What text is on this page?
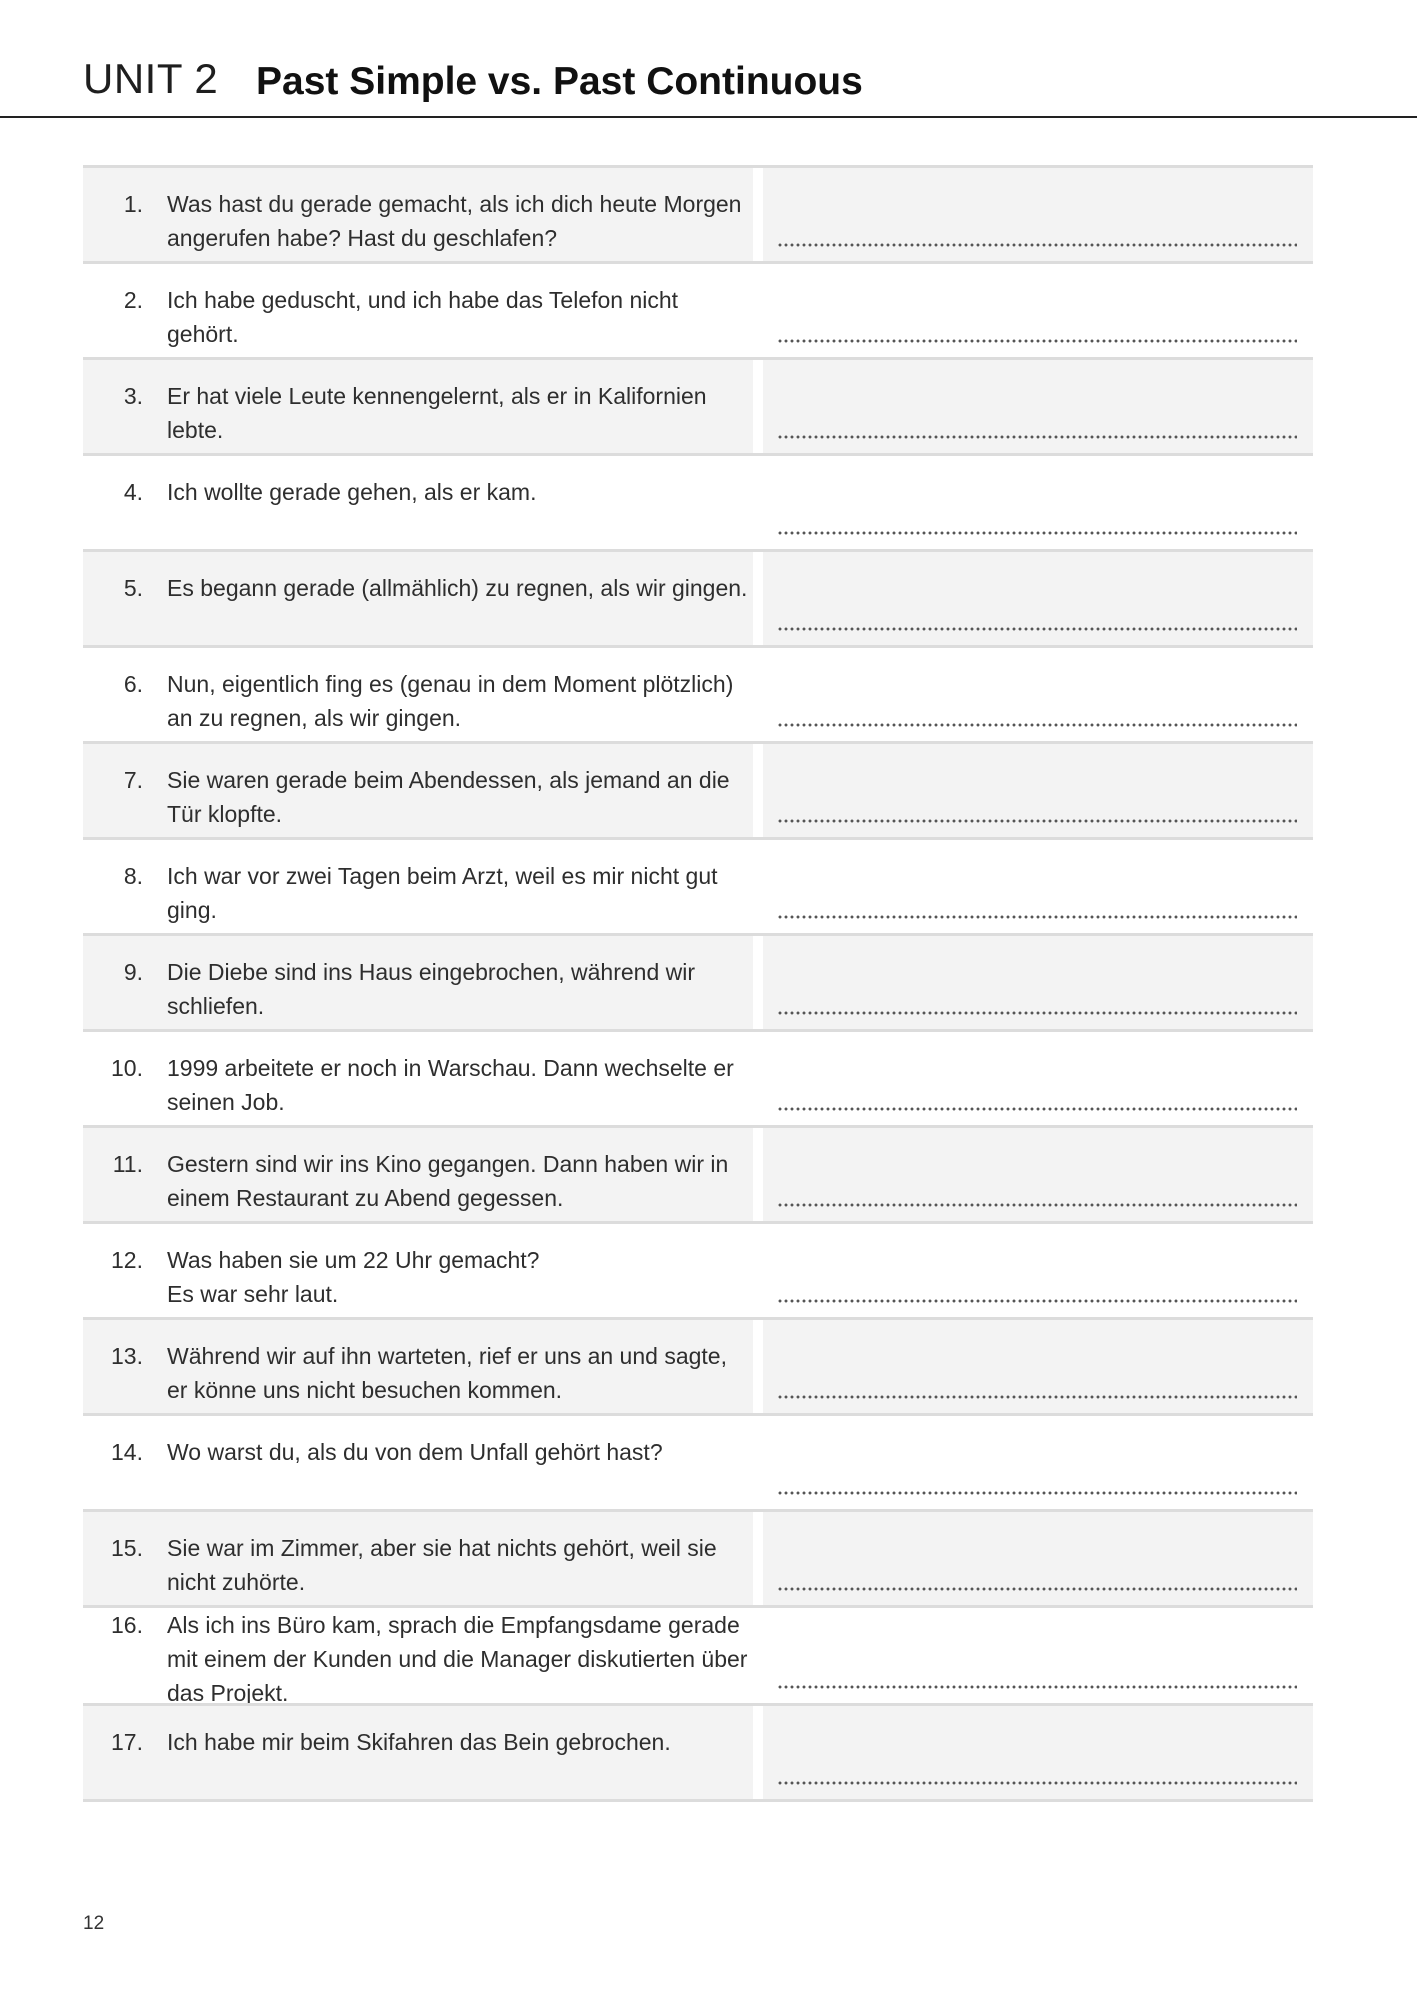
UNIT 2 Past Simple vs. Past Continuous
1. Was hast du gerade gemacht, als ich dich heute Morgen angerufen habe? Hast du geschlafen?
2. Ich habe geduscht, und ich habe das Telefon nicht gehört.
3. Er hat viele Leute kennengelernt, als er in Kalifornien lebte.
4. Ich wollte gerade gehen, als er kam.
5. Es begann gerade (allmählich) zu regnen, als wir gingen.
6. Nun, eigentlich fing es (genau in dem Moment plötzlich) an zu regnen, als wir gingen.
7. Sie waren gerade beim Abendessen, als jemand an die Tür klopfte.
8. Ich war vor zwei Tagen beim Arzt, weil es mir nicht gut ging.
9. Die Diebe sind ins Haus eingebrochen, während wir schliefen.
10. 1999 arbeitete er noch in Warschau. Dann wechselte er seinen Job.
11. Gestern sind wir ins Kino gegangen. Dann haben wir in einem Restaurant zu Abend gegessen.
12. Was haben sie um 22 Uhr gemacht?
Es war sehr laut.
13. Während wir auf ihn warteten, rief er uns an und sagte, er könne uns nicht besuchen kommen.
14. Wo warst du, als du von dem Unfall gehört hast?
15. Sie war im Zimmer, aber sie hat nichts gehört, weil sie nicht zuhörte.
16. Als ich ins Büro kam, sprach die Empfangsdame gerade mit einem der Kunden und die Manager diskutierten über das Projekt.
17. Ich habe mir beim Skifahren das Bein gebrochen.
12
